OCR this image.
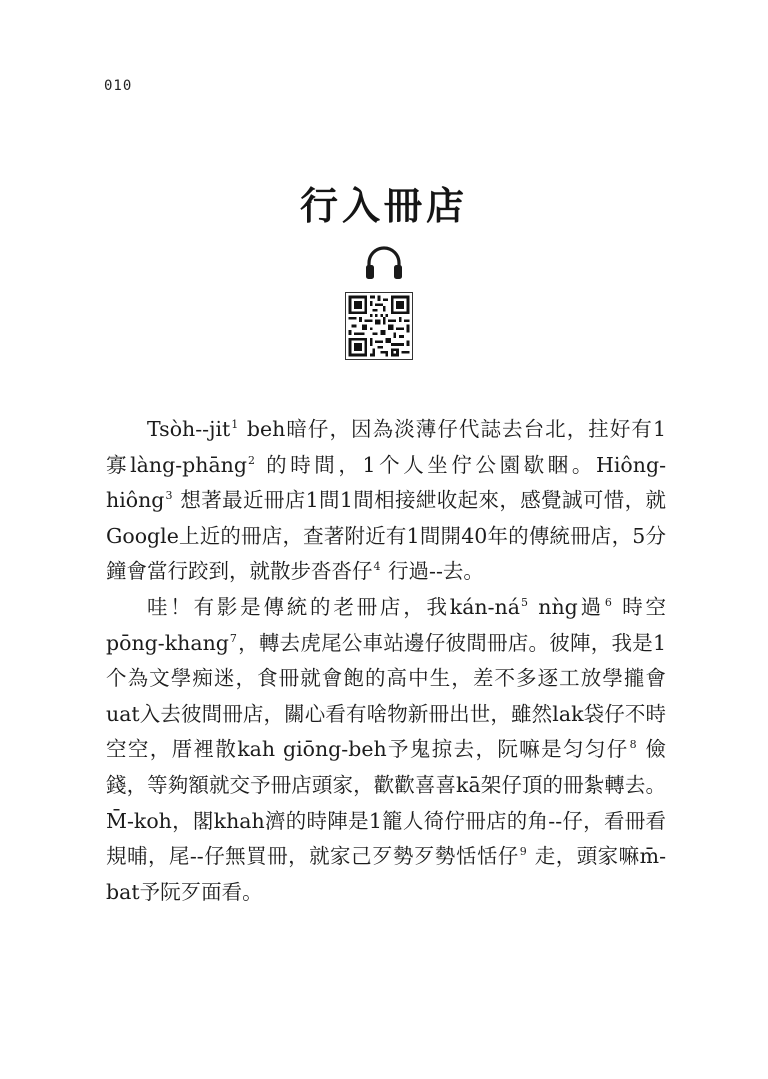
010
行入冊店

Tsòh--jit$^1$ beh暗仔，因為淡薄仔代誌去台北，拄好有1寡làng-phāng$^2$ 的時間，1个人坐佇公園歇睏。Hiông-hiông$^3$ 想著最近冊店1間1間相接紲收起來，感覺誠可惜，就 Google上近的冊店，查著附近有1間開40年的傳統冊店，5分鐘會當行跤到，就散步沓沓仔$^4$ 行過--去。

哇！有影是傳統的老冊店，我kán-$ná^5$ nǹg過$^6$ 時空pōng-khang$^7$，轉去虎尾公車站邊仔彼間冊店。彼陣，我是1个為文學痴迷，食冊就會飽的高中生，差不多逐工放學攏會uat入去彼間冊店，關心看有啥物新冊出世，雖然lak袋仔不時空空，厝裡散kah giōng-beh予鬼掠去，阮嘛是匀匀仔$^8$ 儉錢，等夠額就交予冊店頭家，歡歡喜喜kā架仔頂的冊紮轉去。M̄-koh，閣khah濟的時陣是1籠人徛佇冊店的角--仔，看冊看規晡，尾--仔無買冊，就家己歹勢歹勢恬恬仔$^9$ 走，頭家嘛m̄-bat予阮歹面看。
